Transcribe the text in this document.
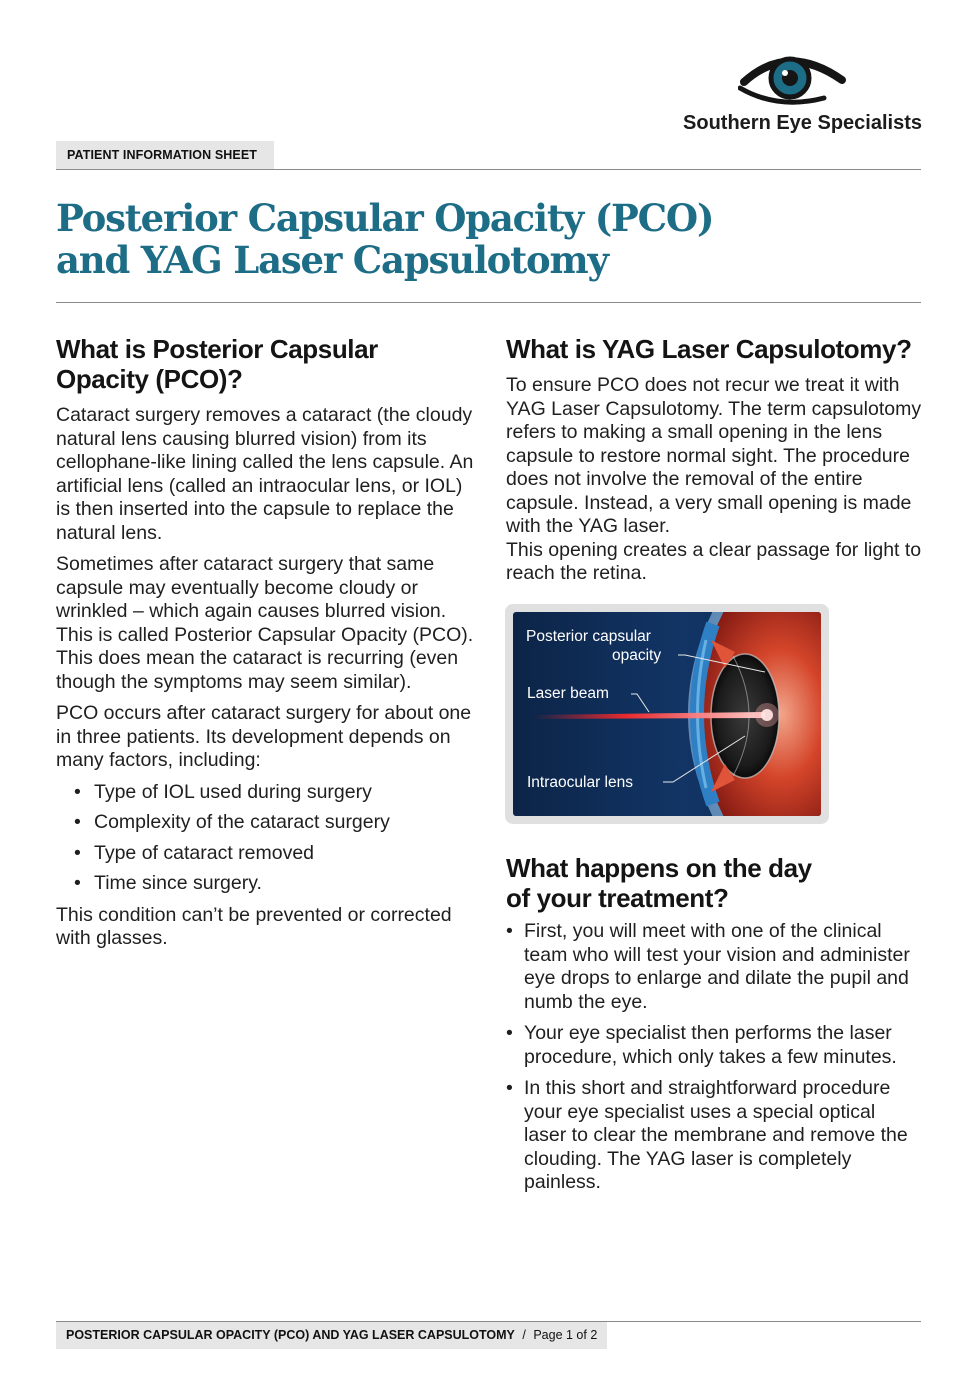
Southern Eye Specialists
PATIENT INFORMATION SHEET
Posterior Capsular Opacity (PCO)
and YAG Laser Capsulotomy
What is Posterior Capsular
Opacity (PCO)?

Cataract surgery removes a cataract (the cloudy natural lens causing blurred vision) from its cellophane-like lining called the lens capsule. An artificial lens (called an intraocular lens, or IOL) is then inserted into the capsule to replace the natural lens.

Sometimes after cataract surgery that same capsule may eventually become cloudy or wrinkled – which again causes blurred vision. This is called Posterior Capsular Opacity (PCO). This does mean the cataract is recurring (even though the symptoms may seem similar).

PCO occurs after cataract surgery for about one in three patients. Its development depends on many factors, including:

• Type of IOL used during surgery
• Complexity of the cataract surgery
• Type of cataract removed
• Time since surgery.

This condition can’t be prevented or corrected with glasses.

What is YAG Laser Capsulotomy?

To ensure PCO does not recur we treat it with YAG Laser Capsulotomy. The term capsulotomy refers to making a small opening in the lens capsule to restore normal sight. The procedure does not involve the removal of the entire capsule. Instead, a very small opening is made with the YAG laser.
This opening creates a clear passage for light to reach the retina.

Posterior capsular
opacity
Laser beam
Intraocular lens
What happens on the day
of your treatment?
• First, you will meet with one of the clinical team who will test your vision and administer eye drops to enlarge and dilate the pupil and numb the eye.
• Your eye specialist then performs the laser procedure, which only takes a few minutes.
• In this short and straightforward procedure your eye specialist uses a special optical laser to clear the membrane and remove the clouding. The YAG laser is completely painless.
POSTERIOR CAPSULAR OPACITY (PCO) AND YAG LASER CAPSULOTOMY / Page 1 of 2
